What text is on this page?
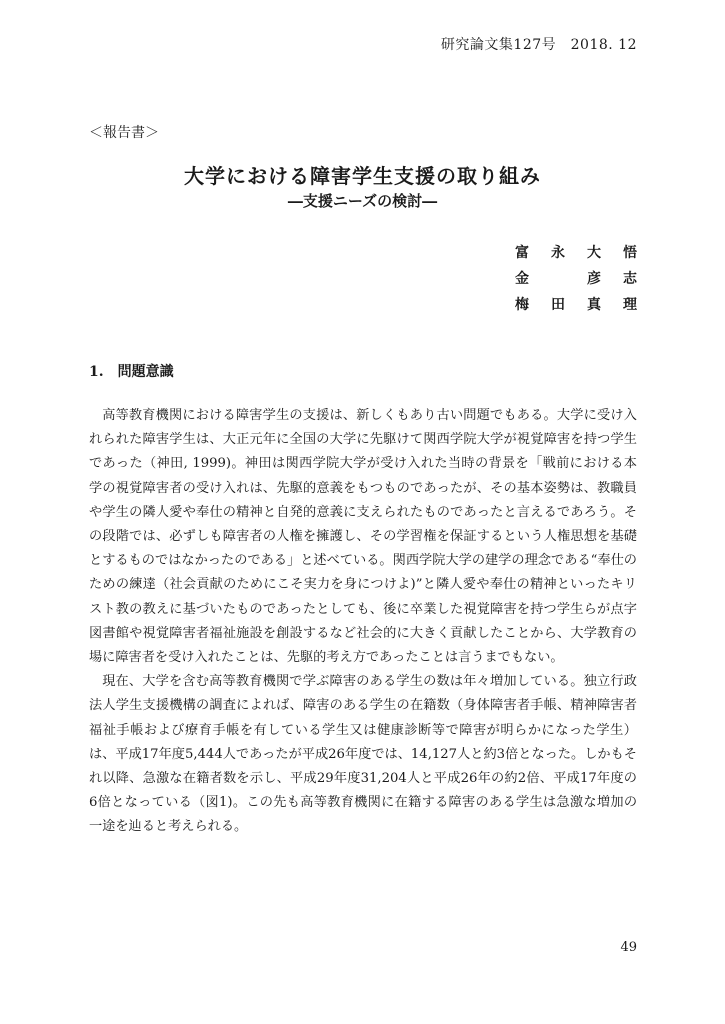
研究論文集127号　2018. 12
＜報告書＞
大学における障害学生支援の取り組み
―支援ニーズの検討―
富永大悟
金　彦志
梅田真理
1.　問題意識

高等教育機関における障害学生の支援は、新しくもあり古い問題でもある。大学に受け入れられた障害学生は、大正元年に全国の大学に先駆けて関西学院大学が視覚障害を持つ学生であった（神田, 1999)。神田は関西学院大学が受け入れた当時の背景を「戦前における本学の視覚障害者の受け入れは、先駆的意義をもつものであったが、その基本姿勢は、教職員や学生の隣人愛や奉仕の精神と自発的意義に支えられたものであったと言えるであろう。その段階では、必ずしも障害者の人権を擁護し、その学習権を保証するという人権思想を基礎とするものではなかったのである」と述べている。関西学院大学の建学の理念である“奉仕のための練達（社会貢献のためにこそ実力を身につけよ)”と隣人愛や奉仕の精神といったキリスト教の教えに基づいたものであったとしても、後に卒業した視覚障害を持つ学生らが点字図書館や視覚障害者福祉施設を創設するなど社会的に大きく貢献したことから、大学教育の場に障害者を受け入れたことは、先駆的考え方であったことは言うまでもない。

現在、大学を含む高等教育機関で学ぶ障害のある学生の数は年々増加している。独立行政法人学生支援機構の調査によれば、障害のある学生の在籍数（身体障害者手帳、精神障害者福祉手帳および療育手帳を有している学生又は健康診断等で障害が明らかになった学生）は、平成17年度5,444人であったが平成26年度では、14,127人と約3倍となった。しかもそれ以降、急激な在籍者数を示し、平成29年度31,204人と平成26年の約2倍、平成17年度の6倍となっている（図1)。この先も高等教育機関に在籍する障害のある学生は急激な増加の一途を辿ると考えられる。

49
